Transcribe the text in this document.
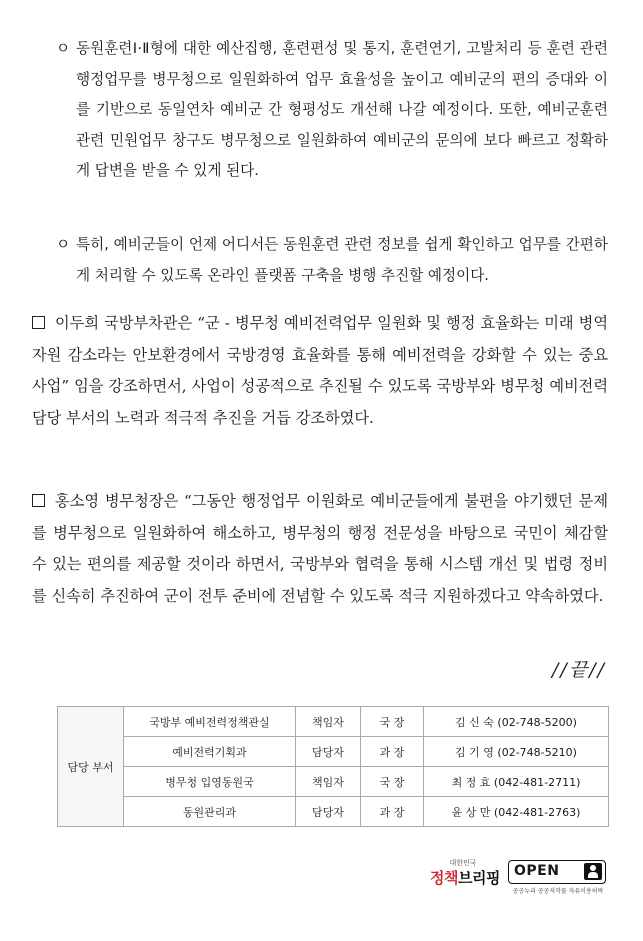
ㅇ 동원훈련Ⅰ·Ⅱ형에 대한 예산집행, 훈련편성 및 통지, 훈련연기, 고발처리 등 훈련 관련 행정업무를 병무청으로 일원화하여 업무 효율성을 높이고 예비군의 편의 증대와 이를 기반으로 동일연차 예비군 간 형평성도 개선해 나갈 예정이다. 또한, 예비군훈련 관련 민원업무 창구도 병무청으로 일원화하여 예비군의 문의에 보다 빠르고 정확하게 답변을 받을 수 있게 된다.
ㅇ 특히, 예비군들이 언제 어디서든 동원훈련 관련 정보를 쉽게 확인하고 업무를 간편하게 처리할 수 있도록 온라인 플랫폼 구축을 병행 추진할 예정이다.
이두희 국방부차관은 “군 - 병무청 예비전력업무 일원화 및 행정 효율화는 미래 병역자원 감소라는 안보환경에서 국방경영 효율화를 통해 예비전력을 강화할 수 있는 중요사업” 임을 강조하면서, 사업이 성공적으로 추진될 수 있도록 국방부와 병무청 예비전력 담당 부서의 노력과 적극적 추진을 거듭 강조하였다.
홍소영 병무청장은 “그동안 행정업무 이원화로 예비군들에게 불편을 야기했던 문제를 병무청으로 일원화하여 해소하고, 병무청의 행정 전문성을 바탕으로 국민이 체감할 수 있는 편의를 제공할 것이라 하면서, 국방부와 협력을 통해 시스템 개선 및 법령 정비를 신속히 추진하여 군이 전투 준비에 전념할 수 있도록 적극 지원하겠다고 약속하였다.
//끝//
담당 부서	국방부 예비전력정책관실	책임자	국 장	김 신 숙 (02-748-5200)
	예비전력기획과	담당자	과 장	김 기 영 (02-748-5210)
	병무청 입영동원국	책임자	국 장	최 정 효 (042-481-2711)
	동원관리과	담당자	과 장	윤 상 만 (042-481-2763)
대한민국
정책브리핑 OPEN
공공누리 공공저작물 자유이용허락
